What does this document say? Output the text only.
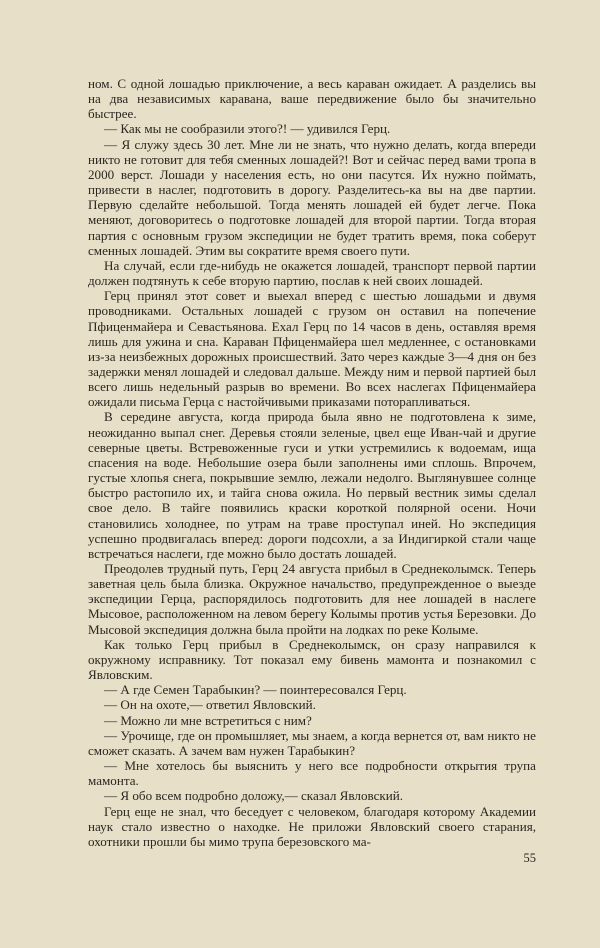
ном. С одной лошадью приключение, а весь караван ожидает. А разделись вы на два независимых каравана, ваше передвижение было бы значительно быстрее.

— Как мы не сообразили этого?! — удивился Герц.

— Я служу здесь 30 лет. Мне ли не знать, что нужно делать, когда впереди никто не готовит для тебя сменных лошадей?! Вот и сейчас перед вами тропа в 2000 верст. Лошади у населения есть, но они пасутся. Их нужно поймать, привести в наслег, подготовить в дорогу. Разделитесь-ка вы на две партии. Первую сделайте небольшой. Тогда менять лошадей ей будет легче. Пока меняют, договоритесь о подготовке лошадей для второй партии. Тогда вторая партия с основным грузом экспедиции не будет тратить время, пока соберут сменных лошадей. Этим вы сократите время своего пути.

На случай, если где-нибудь не окажется лошадей, транспорт первой партии должен подтянуть к себе вторую партию, послав к ней своих лошадей.

Герц принял этот совет и выехал вперед с шестью лошадьми и двумя проводниками. Остальных лошадей с грузом он оставил на попечение Пфиценмайера и Севастьянова. Ехал Герц по 14 часов в день, оставляя время лишь для ужина и сна. Караван Пфиценмайера шел медленнее, с остановками из-за неизбежных дорожных происшествий. Зато через каждые 3—4 дня он без задержки менял лошадей и следовал дальше. Между ним и первой партией был всего лишь недельный разрыв во времени. Во всех наслегах Пфиценмайера ожидали письма Герца с настойчивыми приказами поторапливаться.

В середине августа, когда природа была явно не подготовлена к зиме, неожиданно выпал снег. Деревья стояли зеленые, цвел еще Иван-чай и другие северные цветы. Встревоженные гуси и утки устремились к водоемам, ища спасения на воде. Небольшие озера были заполнены ими сплошь. Впрочем, густые хлопья снега, покрывшие землю, лежали недолго. Выглянувшее солнце быстро растопило их, и тайга снова ожила. Но первый вестник зимы сделал свое дело. В тайге появились краски короткой полярной осени. Ночи становились холоднее, по утрам на траве проступал иней. Но экспедиция успешно продвигалась вперед: дороги подсохли, а за Индигиркой стали чаще встречаться наслеги, где можно было достать лошадей.

Преодолев трудный путь, Герц 24 августа прибыл в Среднеколымск. Теперь заветная цель была близка. Окружное начальство, предупрежденное о выезде экспедиции Герца, распорядилось подготовить для нее лошадей в наслеге Мысовое, расположенном на левом берегу Колымы против устья Березовки. До Мысовой экспедиция должна была пройти на лодках по реке Колыме.

Как только Герц прибыл в Среднеколымск, он сразу направился к окружному исправнику. Тот показал ему бивень мамонта и познакомил с Явловским.

— А где Семен Тарабыкин? — поинтересовался Герц.

— Он на охоте,— ответил Явловский.

— Можно ли мне встретиться с ним?

— Урочище, где он промышляет, мы знаем, а когда вернется от, вам никто не сможет сказать. А зачем вам нужен Тарабыкин?

— Мне хотелось бы выяснить у него все подробности открытия трупа мамонта.

— Я обо всем подробно доложу,— сказал Явловский.

Герц еще не знал, что беседует с человеком, благодаря которому Академии наук стало известно о находке. Не приложи Явловский своего старания, охотники прошли бы мимо трупа березовского ма-

55
